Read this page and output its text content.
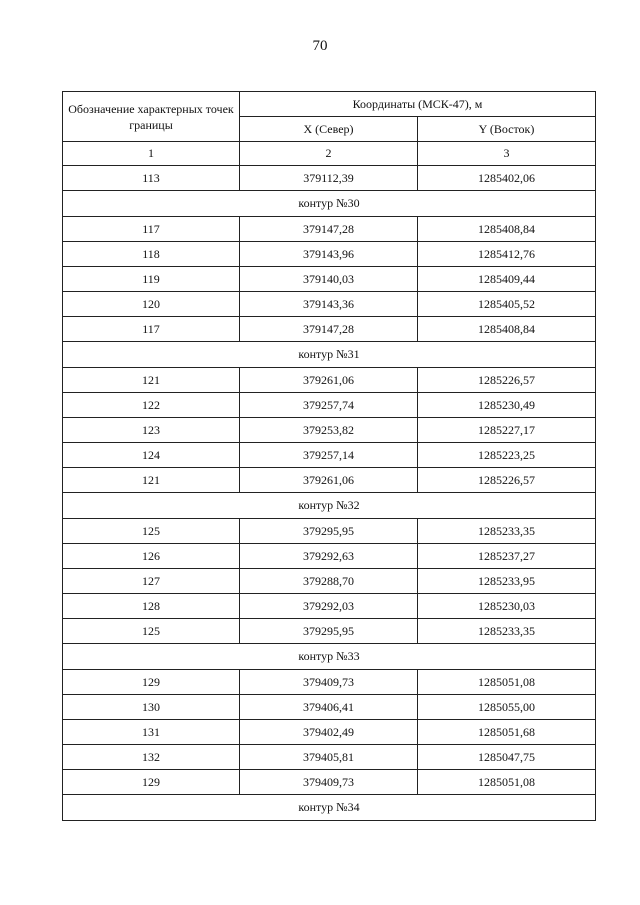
70
Обозначение характерных точек границы	Координаты (МСК-47), м	
	X (Север)	Y (Восток)
1	2	3
113	379112,39	1285402,06
контур №30		
117	379147,28	1285408,84
118	379143,96	1285412,76
119	379140,03	1285409,44
120	379143,36	1285405,52
117	379147,28	1285408,84
контур №31		
121	379261,06	1285226,57
122	379257,74	1285230,49
123	379253,82	1285227,17
124	379257,14	1285223,25
121	379261,06	1285226,57
контур №32		
125	379295,95	1285233,35
126	379292,63	1285237,27
127	379288,70	1285233,95
128	379292,03	1285230,03
125	379295,95	1285233,35
контур №33		
129	379409,73	1285051,08
130	379406,41	1285055,00
131	379402,49	1285051,68
132	379405,81	1285047,75
129	379409,73	1285051,08
контур №34		
